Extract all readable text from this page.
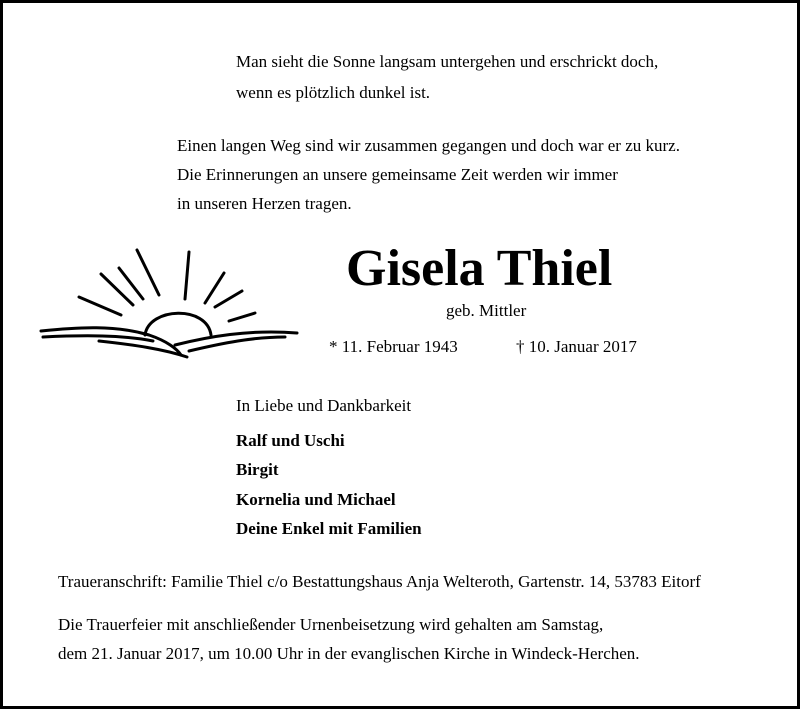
Man sieht die Sonne langsam untergehen und erschrickt doch,
wenn es plötzlich dunkel ist.
Einen langen Weg sind wir zusammen gegangen und doch war er zu kurz.
Die Erinnerungen an unsere gemeinsame Zeit werden wir immer
in unseren Herzen tragen.
Gisela Thiel
geb. Mittler
* 11. Februar 1943	† 10. Januar 2017
In Liebe und Dankbarkeit
Ralf und Uschi
Birgit
Kornelia und Michael
Deine Enkel mit Familien
Traueranschrift: Familie Thiel c/o Bestattungshaus Anja Welteroth, Gartenstr. 14, 53783 Eitorf
Die Trauerfeier mit anschließender Urnenbeisetzung wird gehalten am Samstag,
dem 21. Januar 2017, um 10.00 Uhr in der evanglischen Kirche in Windeck-Herchen.
